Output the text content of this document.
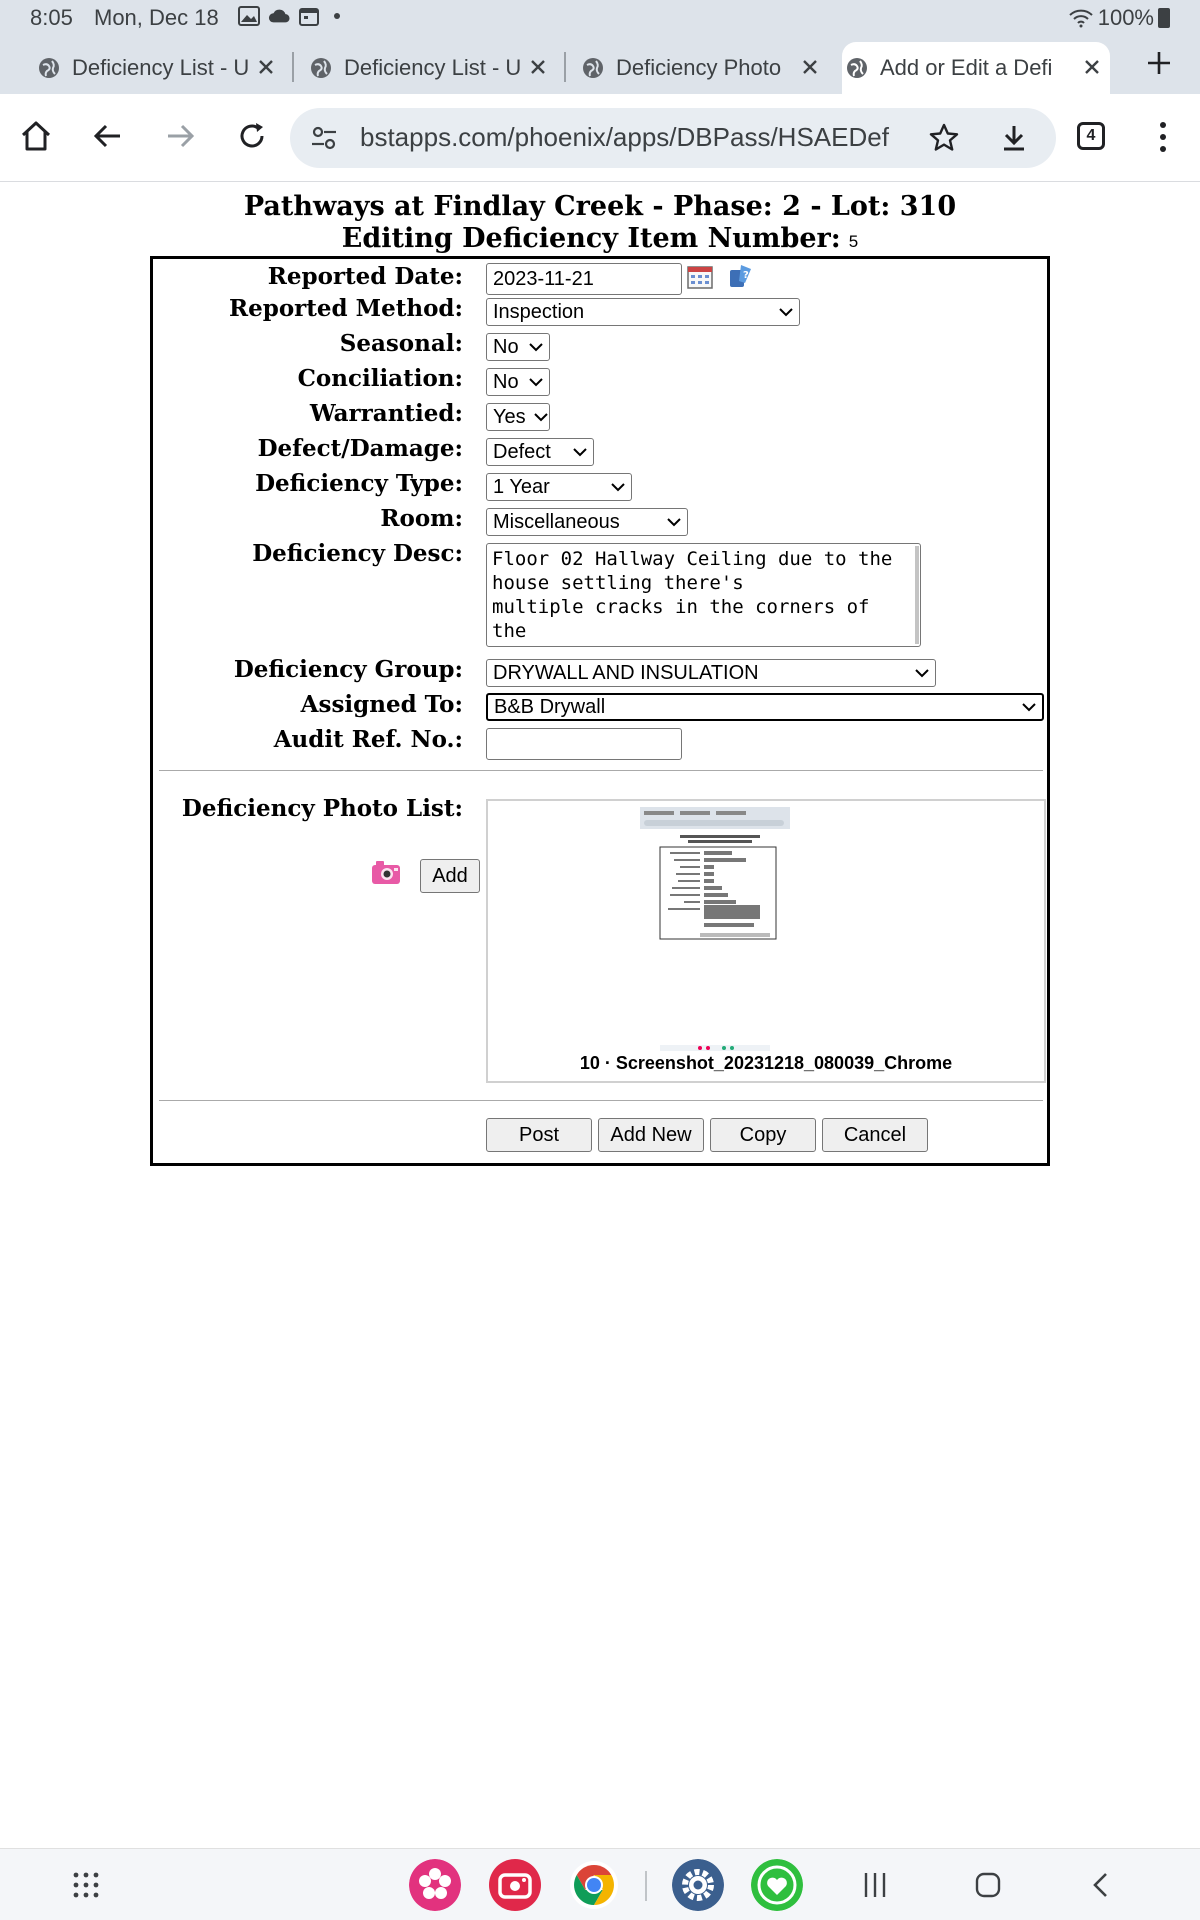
8:05 Mon, Dec 18	100%
Deficiency List - U	Deficiency List - U	Deficiency Photo	Add or Edit a Defi
bstapps.com/phoenix/apps/DBPass/HSAEDef	4
Pathways at Findlay Creek - Phase: 2 - Lot: 310
Editing Deficiency Item Number: 5
Reported Date:	2023-11-21	?
Reported Method: Inspection
Seasonal: No
Conciliation: No
Warrantied: Yes
Defect/Damage: Defect
Deficiency Type: 1 Year
Room: Miscellaneous
Deficiency Desc: Floor 02 Hallway Ceiling due to the
house settling there's
multiple cracks in the corners of
the
Deficiency Group: DRYWALL AND INSULATION
Assigned To: B&B Drywall
Audit Ref. No.:
Deficiency Photo List:
Add
10 · Screenshot_20231218_080039_Chrome
Post	Add New	Copy	Cancel
